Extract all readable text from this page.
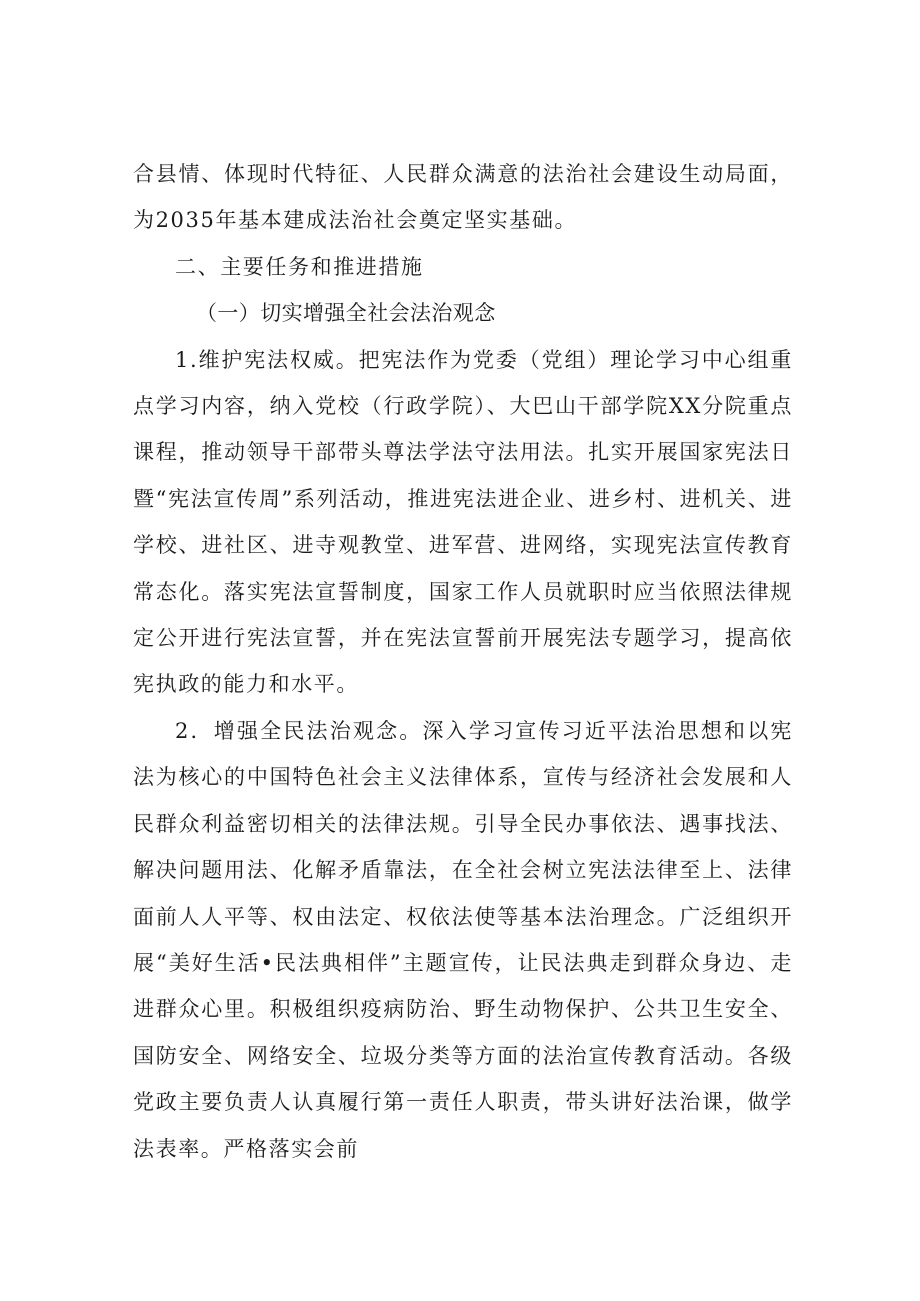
合县情、体现时代特征、人民群众满意的法治社会建设生动局面，为2035年基本建成法治社会奠定坚实基础。

二、主要任务和推进措施

（一）切实增强全社会法治观念

1.维护宪法权威。把宪法作为党委（党组）理论学习中心组重点学习内容，纳入党校（行政学院）、大巴山干部学院XX分院重点课程，推动领导干部带头尊法学法守法用法。扎实开展国家宪法日暨“宪法宣传周”系列活动，推进宪法进企业、进乡村、进机关、进学校、进社区、进寺观教堂、进军营、进网络，实现宪法宣传教育常态化。落实宪法宣誓制度，国家工作人员就职时应当依照法律规定公开进行宪法宣誓，并在宪法宣誓前开展宪法专题学习，提高依宪执政的能力和水平。

2．增强全民法治观念。深入学习宣传习近平法治思想和以宪法为核心的中国特色社会主义法律体系，宣传与经济社会发展和人民群众利益密切相关的法律法规。引导全民办事依法、遇事找法、解决问题用法、化解矛盾靠法，在全社会树立宪法法律至上、法律面前人人平等、权由法定、权依法使等基本法治理念。广泛组织开展“美好生活•民法典相伴”主题宣传，让民法典走到群众身边、走进群众心里。积极组织疫病防治、野生动物保护、公共卫生安全、国防安全、网络安全、垃圾分类等方面的法治宣传教育活动。各级党政主要负责人认真履行第一责任人职责，带头讲好法治课，做学法表率。严格落实会前
